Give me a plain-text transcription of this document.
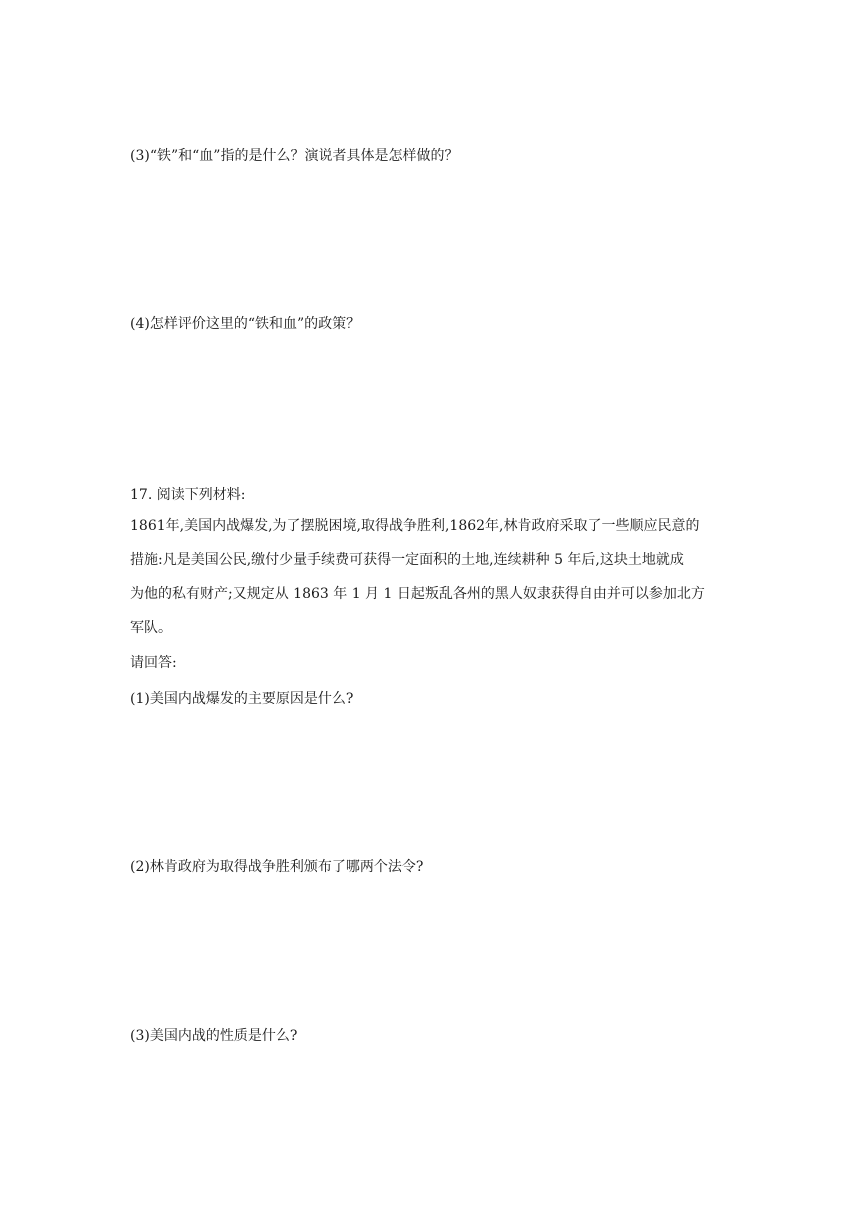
(3)“铁”和“血”指的是什么？演说者具体是怎样做的？
(4)怎样评价这里的“铁和血”的政策？
17. 阅读下列材料:
1861年,美国内战爆发,为了摆脱困境,取得战争胜利,1862年,林肯政府采取了一些顺应民意的
措施:凡是美国公民,缴付少量手续费可获得一定面积的土地,连续耕种 5 年后,这块土地就成
为他的私有财产;又规定从 1863 年 1 月 1 日起叛乱各州的黑人奴隶获得自由并可以参加北方
军队。
请回答:
(1)美国内战爆发的主要原因是什么?
(2)林肯政府为取得战争胜利颁布了哪两个法令?
(3)美国内战的性质是什么?
